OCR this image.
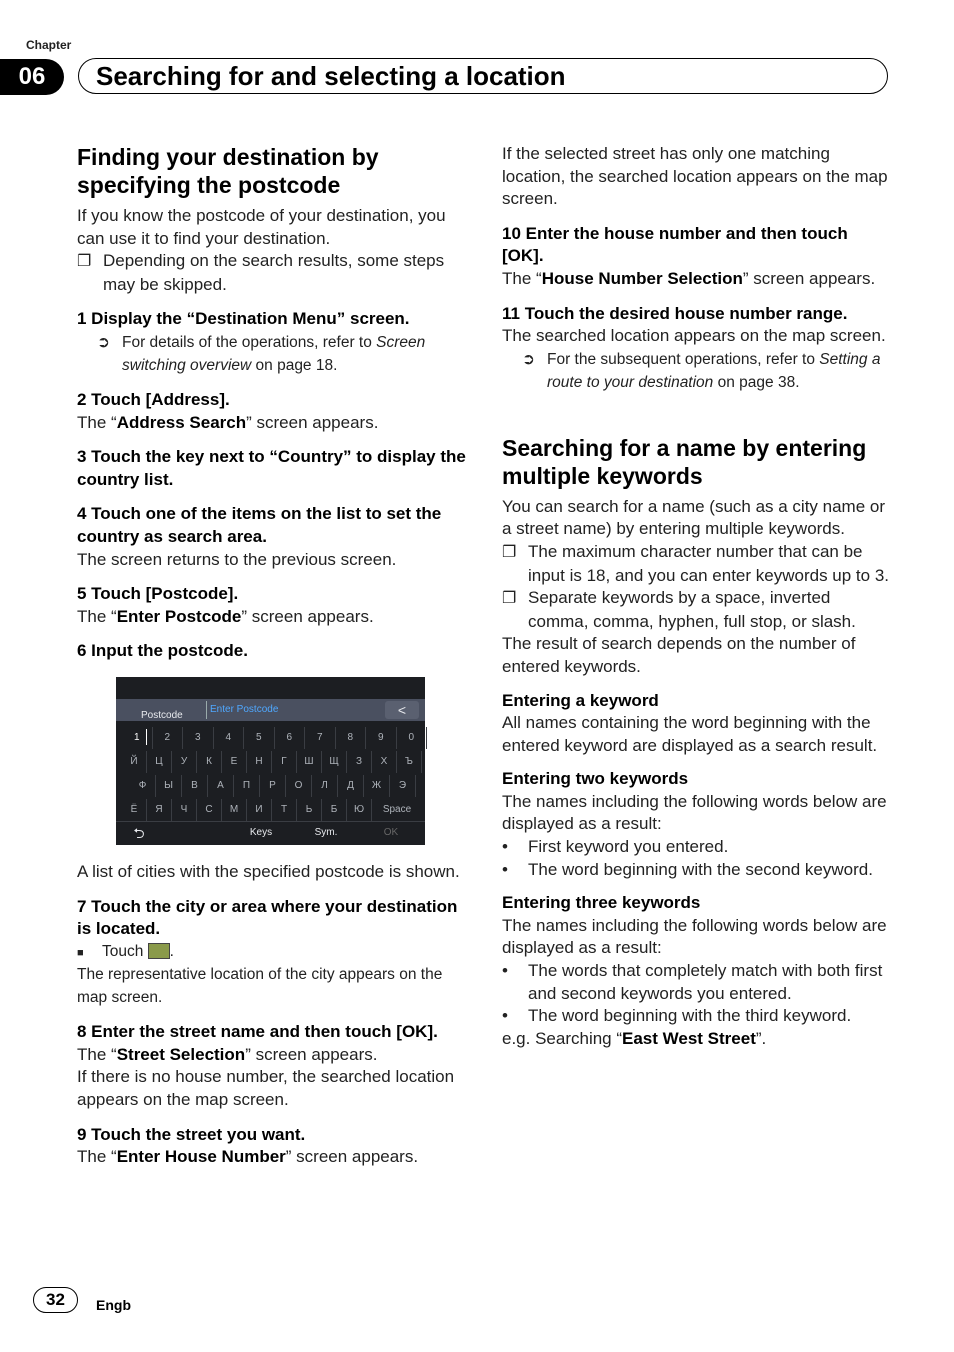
Chapter
06	Searching for and selecting a location
Finding your destination by specifying the postcode

If you know the postcode of your destination, you can use it to find your destination.

❐ Depending on the search results, some steps may be skipped.

1 Display the “Destination Menu” screen.

➲ For details of the operations, refer to Screen switching overview on page 18.

2 Touch [Address].

The “Address Search” screen appears.

3 Touch the key next to “Country” to display the country list.

4 Touch one of the items on the list to set the country as search area.

The screen returns to the previous screen.

5 Touch [Postcode].

The “Enter Postcode” screen appears.

6 Input the postcode.

Postcode
Enter Postcode	<
1	2	3	4	5	6	7	8	9	0
Й	Ц	У	К	Е	Н	Г	Ш	Щ	З	Х	Ъ
Ф	Ы	В	А	П	Р	О	Л	Д	Ж	Э
Ё	Я	Ч	С	М	И	Т	Ь	Б	Ю	Space
⮌	Keys	Sym.	OK

A list of cities with the specified postcode is shown.

7 Touch the city or area where your destination is located.

■ Touch .

The representative location of the city appears on the map screen.

8 Enter the street name and then touch [OK].

The “Street Selection” screen appears.

If there is no house number, the searched location appears on the map screen.

9 Touch the street you want.

The “Enter House Number” screen appears.

If the selected street has only one matching location, the searched location appears on the map screen.

10 Enter the house number and then touch [OK].

The “House Number Selection” screen appears.

11 Touch the desired house number range.

The searched location appears on the map screen.

➲ For the subsequent operations, refer to Setting a route to your destination on page 38.

Searching for a name by entering multiple keywords

You can search for a name (such as a city name or a street name) by entering multiple keywords.

❐ The maximum character number that can be input is 18, and you can enter keywords up to 3.

❐ Separate keywords by a space, inverted comma, comma, hyphen, full stop, or slash.

The result of search depends on the number of entered keywords.

Entering a keyword

All names containing the word beginning with the entered keyword are displayed as a search result.

Entering two keywords

The names including the following words below are displayed as a result:

• First keyword you entered.

• The word beginning with the second keyword.

Entering three keywords

The names including the following words below are displayed as a result:

• The words that completely match with both first and second keywords you entered.

• The word beginning with the third keyword.

e.g. Searching “East West Street”.

32	Engb
